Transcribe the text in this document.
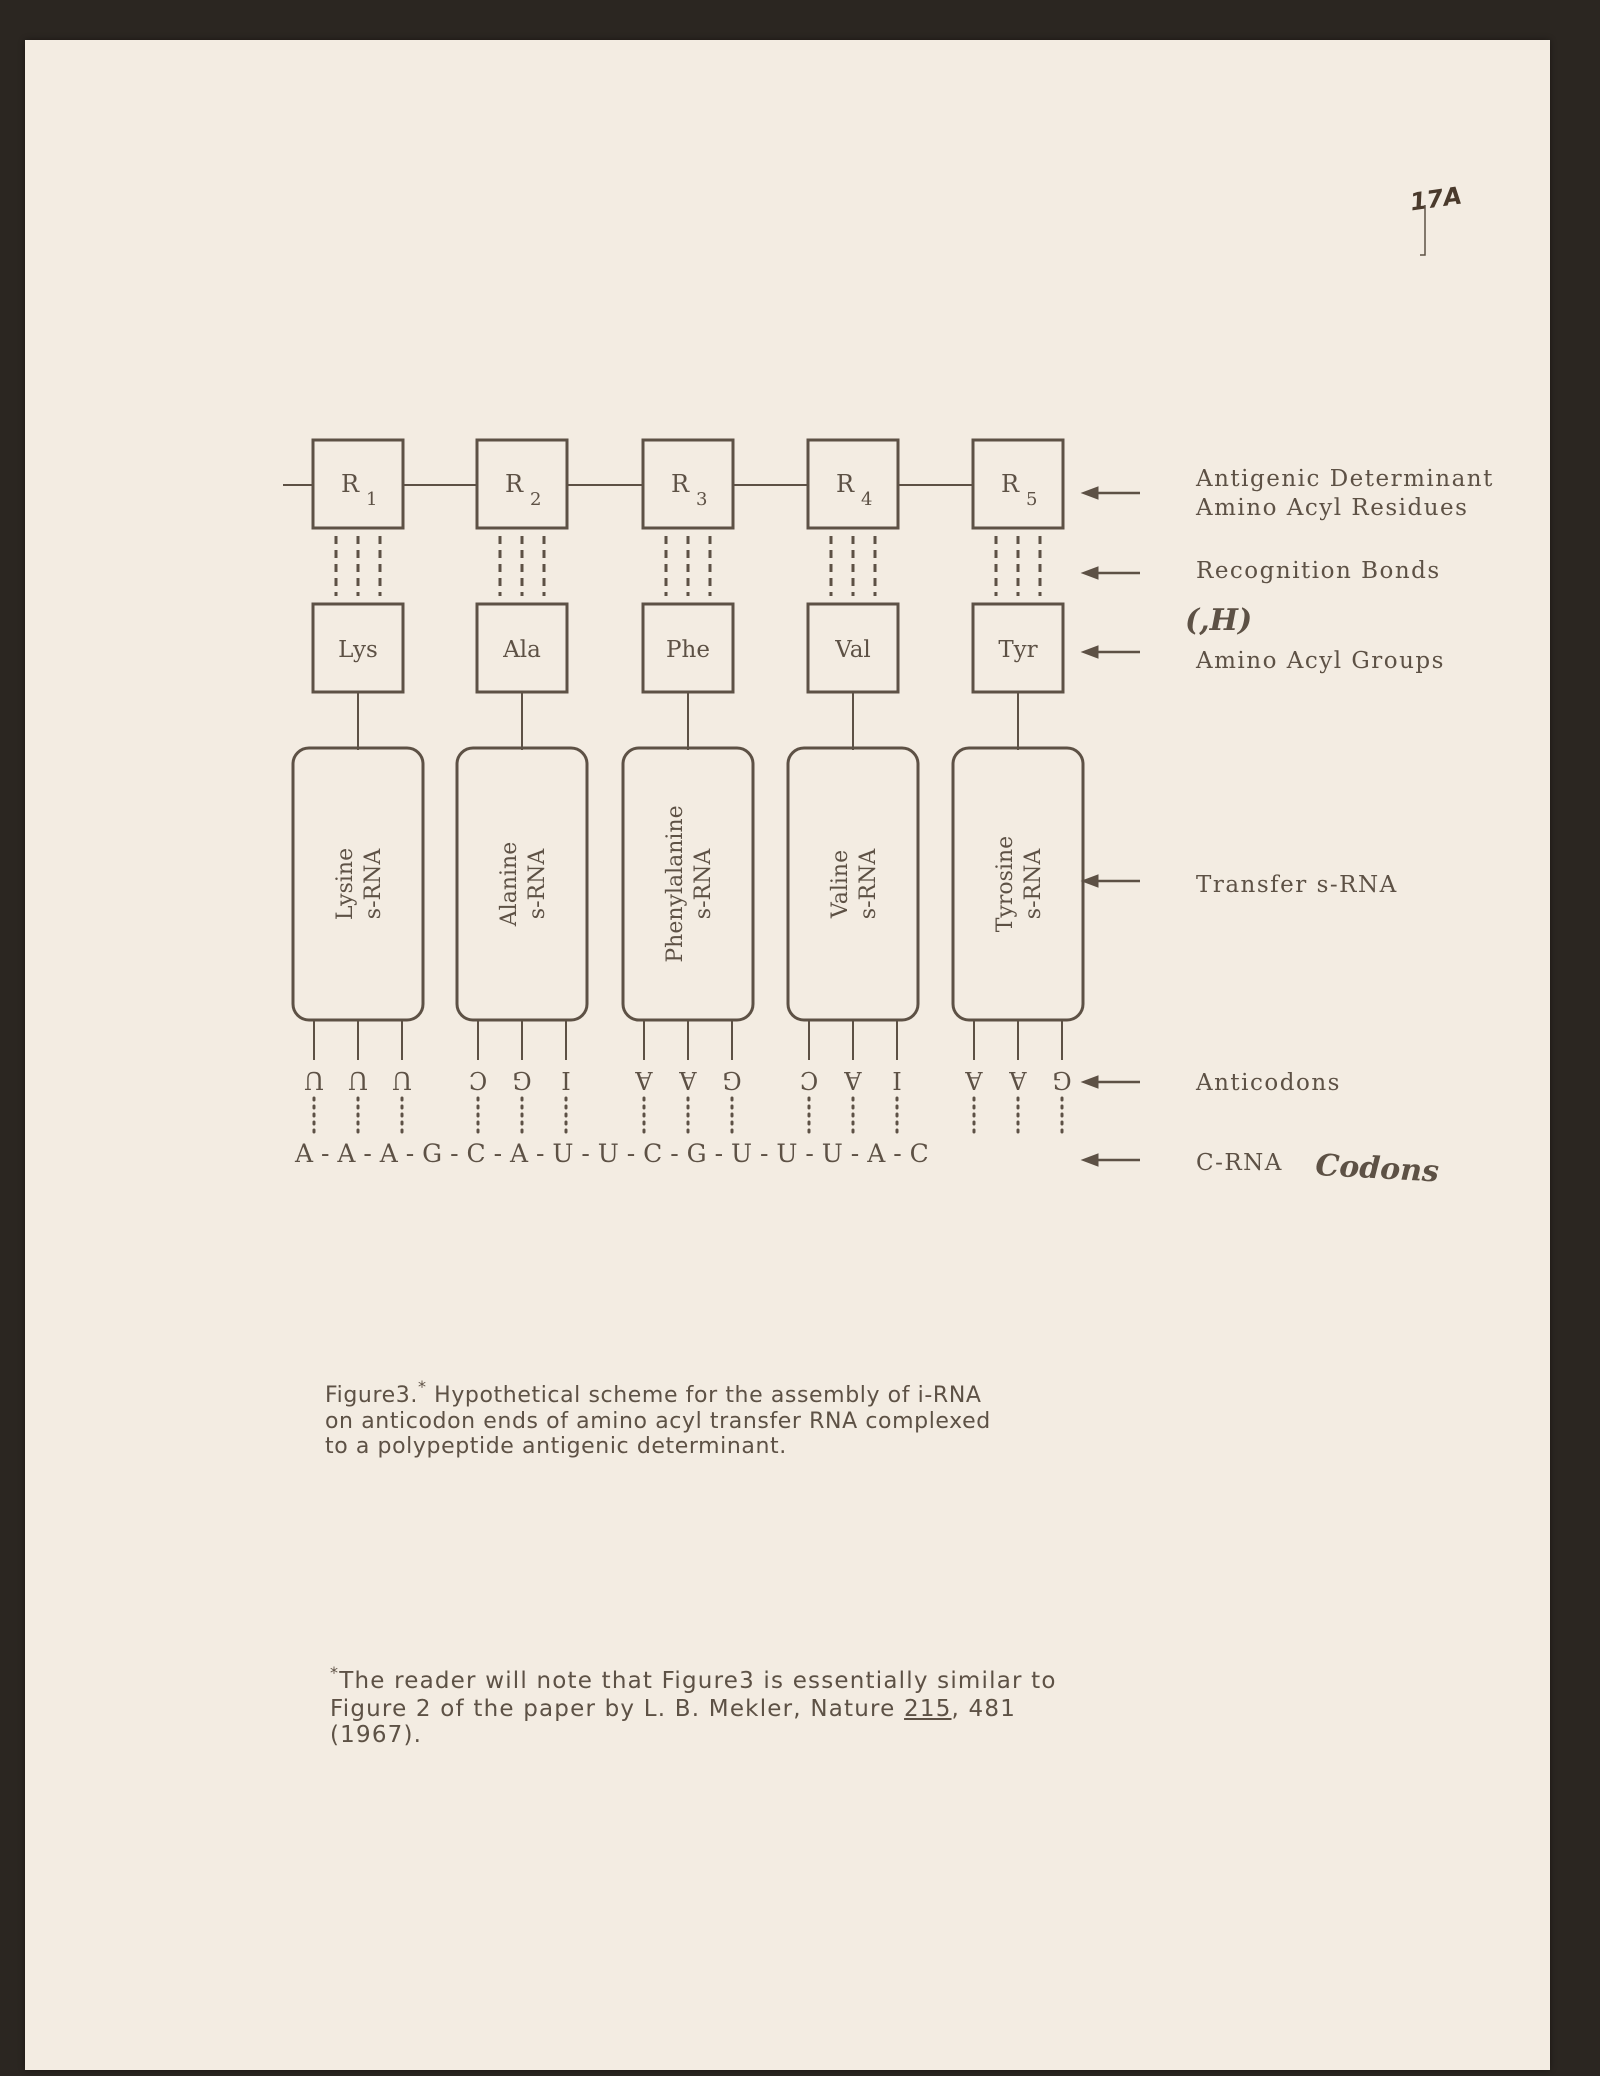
17A
R
1
Lys
Lysine s-RNA
U U U
R
2
Ala
Alanine s-RNA
C G I
R
3
Phe
Phenylalanine s-RNA
A A G
R
4
Val
Valine s-RNA
C A I
R
5
Tyr
Tyrosine s-RNA
A A G
A - A - A - G - C - A - U - U - C - G - U - U - U - A - C
Antigenic Determinant
Amino Acyl Residues
Recognition Bonds
(,H)
Amino Acyl Groups
Transfer s-RNA
Anticodons
C-RNA Codons

Figure3.* Hypothetical scheme for the assembly of i-RNA

on anticodon ends of amino acyl transfer RNA complexed

to a polypeptide antigenic determinant.

*The reader will note that Figure3 is essentially similar to

Figure 2 of the paper by L. B. Mekler, Nature 215, 481

(1967).
